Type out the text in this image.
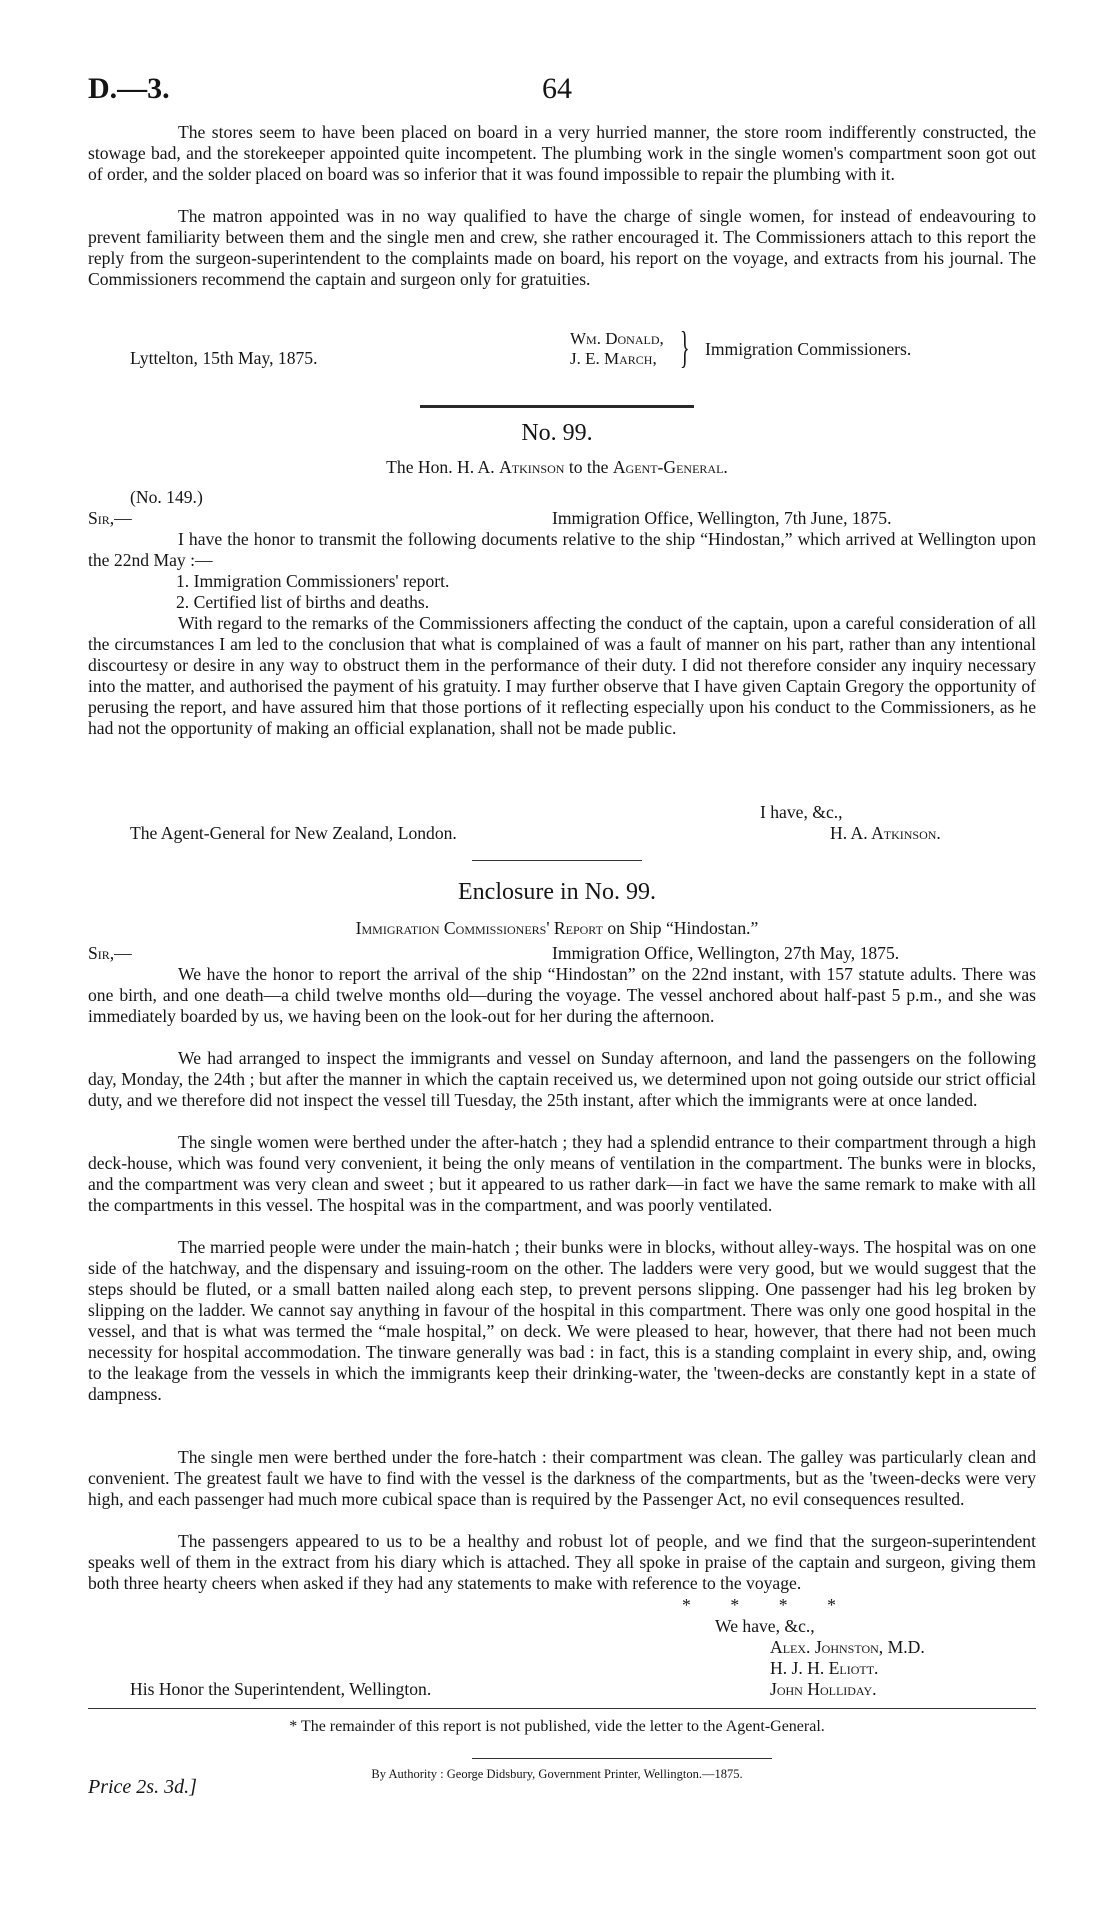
D.—3.	64
The stores seem to have been placed on board in a very hurried manner, the store room indifferently constructed, the stowage bad, and the storekeeper appointed quite incompetent. The plumbing work in the single women's compartment soon got out of order, and the solder placed on board was so inferior that it was found impossible to repair the plumbing with it.
The matron appointed was in no way qualified to have the charge of single women, for instead of endeavouring to prevent familiarity between them and the single men and crew, she rather encouraged it. The Commissioners attach to this report the reply from the surgeon-superintendent to the complaints made on board, his report on the voyage, and extracts from his journal. The Commissioners recommend the captain and surgeon only for gratuities.
Lyttelton, 15th May, 1875.
Wm. Donald,
J. E. March, } Immigration Commissioners.
No. 99.
The Hon. H. A. Atkinson to the Agent-General.
(No. 149.)
Sir,—	Immigration Office, Wellington, 7th June, 1875.
I have the honor to transmit the following documents relative to the ship “Hindostan,” which arrived at Wellington upon the 22nd May :—
1. Immigration Commissioners' report.
2. Certified list of births and deaths.
With regard to the remarks of the Commissioners affecting the conduct of the captain, upon a careful consideration of all the circumstances I am led to the conclusion that what is complained of was a fault of manner on his part, rather than any intentional discourtesy or desire in any way to obstruct them in the performance of their duty. I did not therefore consider any inquiry necessary into the matter, and authorised the payment of his gratuity. I may further observe that I have given Captain Gregory the opportunity of perusing the report, and have assured him that those portions of it reflecting especially upon his conduct to the Commissioners, as he had not the opportunity of making an official explanation, shall not be made public.
I have, &c.,
The Agent-General for New Zealand, London.	H. A. Atkinson.
Enclosure in No. 99.
Immigration Commissioners' Report on Ship “Hindostan.”
Sir,—	Immigration Office, Wellington, 27th May, 1875.
We have the honor to report the arrival of the ship “Hindostan” on the 22nd instant, with 157 statute adults. There was one birth, and one death—a child twelve months old—during the voyage. The vessel anchored about half-past 5 p.m., and she was immediately boarded by us, we having been on the look-out for her during the afternoon.
We had arranged to inspect the immigrants and vessel on Sunday afternoon, and land the passengers on the following day, Monday, the 24th ; but after the manner in which the captain received us, we determined upon not going outside our strict official duty, and we therefore did not inspect the vessel till Tuesday, the 25th instant, after which the immigrants were at once landed.
The single women were berthed under the after-hatch ; they had a splendid entrance to their compartment through a high deck-house, which was found very convenient, it being the only means of ventilation in the compartment. The bunks were in blocks, and the compartment was very clean and sweet ; but it appeared to us rather dark—in fact we have the same remark to make with all the compartments in this vessel. The hospital was in the compartment, and was poorly ventilated.
The married people were under the main-hatch ; their bunks were in blocks, without alley-ways. The hospital was on one side of the hatchway, and the dispensary and issuing-room on the other. The ladders were very good, but we would suggest that the steps should be fluted, or a small batten nailed along each step, to prevent persons slipping. One passenger had his leg broken by slipping on the ladder. We cannot say anything in favour of the hospital in this compartment. There was only one good hospital in the vessel, and that is what was termed the “male hospital,” on deck. We were pleased to hear, however, that there had not been much necessity for hospital accommodation. The tinware generally was bad : in fact, this is a standing complaint in every ship, and, owing to the leakage from the vessels in which the immigrants keep their drinking-water, the 'tween-decks are constantly kept in a state of dampness.
The single men were berthed under the fore-hatch : their compartment was clean. The galley was particularly clean and convenient. The greatest fault we have to find with the vessel is the darkness of the compartments, but as the 'tween-decks were very high, and each passenger had much more cubical space than is required by the Passenger Act, no evil consequences resulted.
The passengers appeared to us to be a healthy and robust lot of people, and we find that the surgeon-superintendent speaks well of them in the extract from his diary which is attached. They all spoke in praise of the captain and surgeon, giving them both three hearty cheers when asked if they had any statements to make with reference to the voyage.
*         *         *         *
We have, &c.,
Alex. Johnston, M.D.
H. J. H. Eliott.
John Holliday.
His Honor the Superintendent, Wellington.
* The remainder of this report is not published, vide the letter to the Agent-General.
By Authority : George Didsbury, Government Printer, Wellington.—1875.
Price 2s. 3d.]
